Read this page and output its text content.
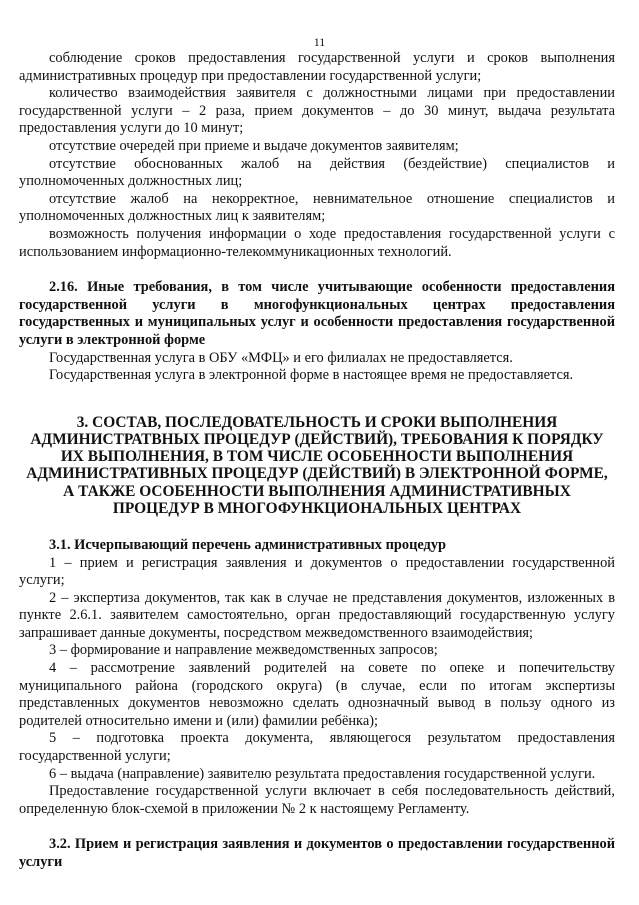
11

соблюдение сроков предоставления государственной услуги и сроков выполнения административных процедур при предоставлении государственной услуги;

количество взаимодействия заявителя с должностными лицами при предоставлении государственной услуги – 2 раза, прием документов – до 30 минут, выдача результата предоставления услуги до 10 минут;

отсутствие очередей при приеме и выдаче документов заявителям;

отсутствие обоснованных жалоб на действия (бездействие) специалистов и уполномоченных должностных лиц;

отсутствие жалоб на некорректное, невнимательное отношение специалистов и уполномоченных должностных лиц к заявителям;

возможность получения информации о ходе предоставления государственной услуги с использованием информационно-телекоммуникационных технологий.

2.16. Иные требования, в том числе учитывающие особенности предоставления государственной услуги в многофункциональных центрах предоставления государственных и муниципальных услуг и особенности предоставления государственной услуги в электронной форме

Государственная услуга в ОБУ «МФЦ» и его филиалах не предоставляется.

Государственная услуга в электронной форме в настоящее время не предоставляется.

3. СОСТАВ, ПОСЛЕДОВАТЕЛЬНОСТЬ И СРОКИ ВЫПОЛНЕНИЯ АДМИНИСТРАТВНЫХ ПРОЦЕДУР (ДЕЙСТВИЙ), ТРЕБОВАНИЯ К ПОРЯДКУ ИХ ВЫПОЛНЕНИЯ, В ТОМ ЧИСЛЕ ОСОБЕННОСТИ ВЫПОЛНЕНИЯ АДМИНИСТРАТИВНЫХ ПРОЦЕДУР (ДЕЙСТВИЙ) В ЭЛЕКТРОННОЙ ФОРМЕ, А ТАКЖЕ ОСОБЕННОСТИ ВЫПОЛНЕНИЯ АДМИНИСТРАТИВНЫХ ПРОЦЕДУР В МНОГОФУНКЦИОНАЛЬНЫХ ЦЕНТРАХ

3.1. Исчерпывающий перечень административных процедур

1 – прием и регистрация заявления и документов о предоставлении государственной услуги;

2 – экспертиза документов, так как в случае не представления документов, изложенных в пункте 2.6.1. заявителем самостоятельно, орган предоставляющий государственную услугу запрашивает данные документы, посредством межведомственного взаимодействия;

3 – формирование и направление межведомственных запросов;

4 – рассмотрение заявлений родителей на совете по опеке и попечительству муниципального района (городского округа) (в случае, если по итогам экспертизы представленных документов невозможно сделать однозначный вывод в пользу одного из родителей относительно имени и (или) фамилии ребёнка);

5 – подготовка проекта документа, являющегося результатом предоставления государственной услуги;

6 – выдача (направление) заявителю результата предоставления государственной услуги.

Предоставление государственной услуги включает в себя последовательность действий, определенную блок-схемой в приложении № 2 к настоящему Регламенту.

3.2. Прием и регистрация заявления и документов о предоставлении государственной услуги
